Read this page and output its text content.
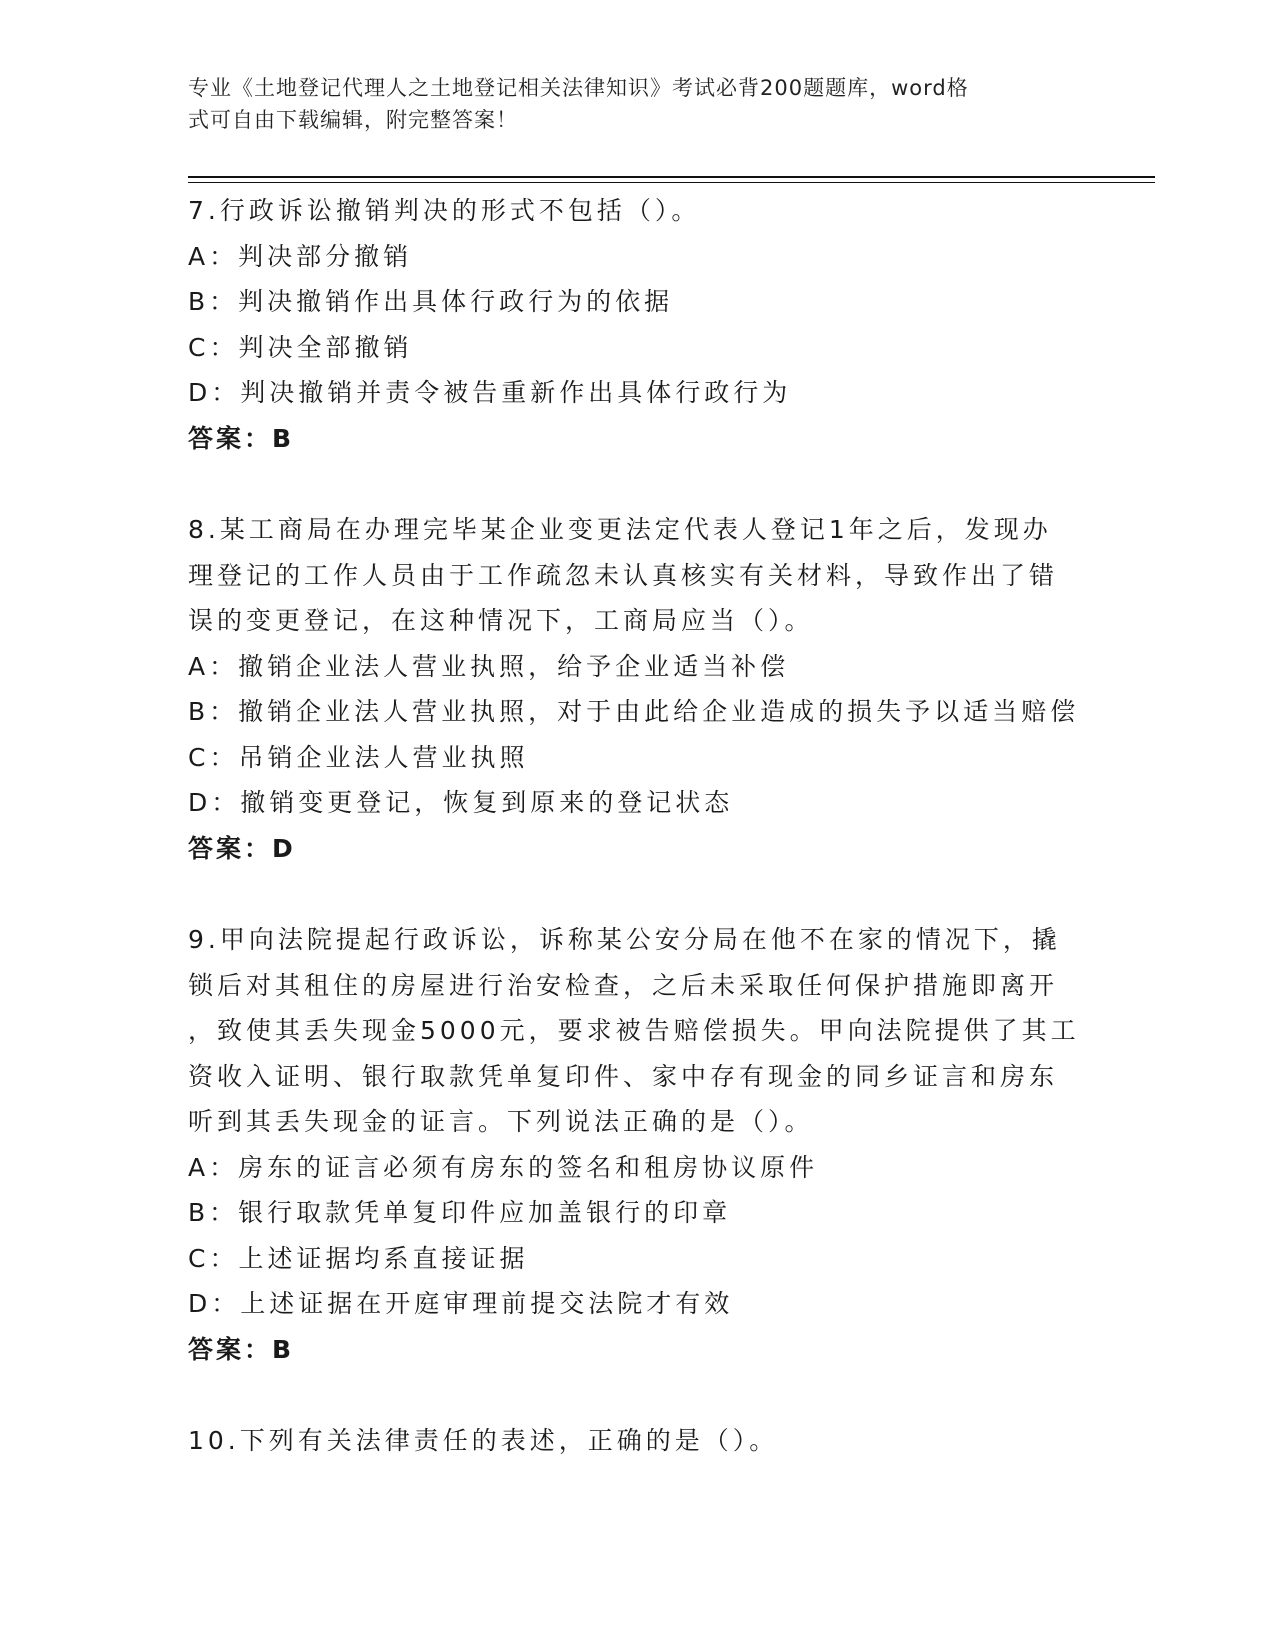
专业《土地登记代理人之土地登记相关法律知识》考试必背200题题库，word格
式可自由下载编辑，附完整答案！
7.行政诉讼撤销判决的形式不包括（）。
A：判决部分撤销
B：判决撤销作出具体行政行为的依据
C：判决全部撤销
D：判决撤销并责令被告重新作出具体行政行为
答案：B
8.某工商局在办理完毕某企业变更法定代表人登记1年之后，发现办
理登记的工作人员由于工作疏忽未认真核实有关材料，导致作出了错
误的变更登记，在这种情况下，工商局应当（）。
A：撤销企业法人营业执照，给予企业适当补偿
B：撤销企业法人营业执照，对于由此给企业造成的损失予以适当赔偿
C：吊销企业法人营业执照
D：撤销变更登记，恢复到原来的登记状态
答案：D
9.甲向法院提起行政诉讼，诉称某公安分局在他不在家的情况下，撬
锁后对其租住的房屋进行治安检查，之后未采取任何保护措施即离开
，致使其丢失现金5000元，要求被告赔偿损失。甲向法院提供了其工
资收入证明、银行取款凭单复印件、家中存有现金的同乡证言和房东
听到其丢失现金的证言。下列说法正确的是（）。
A：房东的证言必须有房东的签名和租房协议原件
B：银行取款凭单复印件应加盖银行的印章
C：上述证据均系直接证据
D：上述证据在开庭审理前提交法院才有效
答案：B
10.下列有关法律责任的表述，正确的是（）。
